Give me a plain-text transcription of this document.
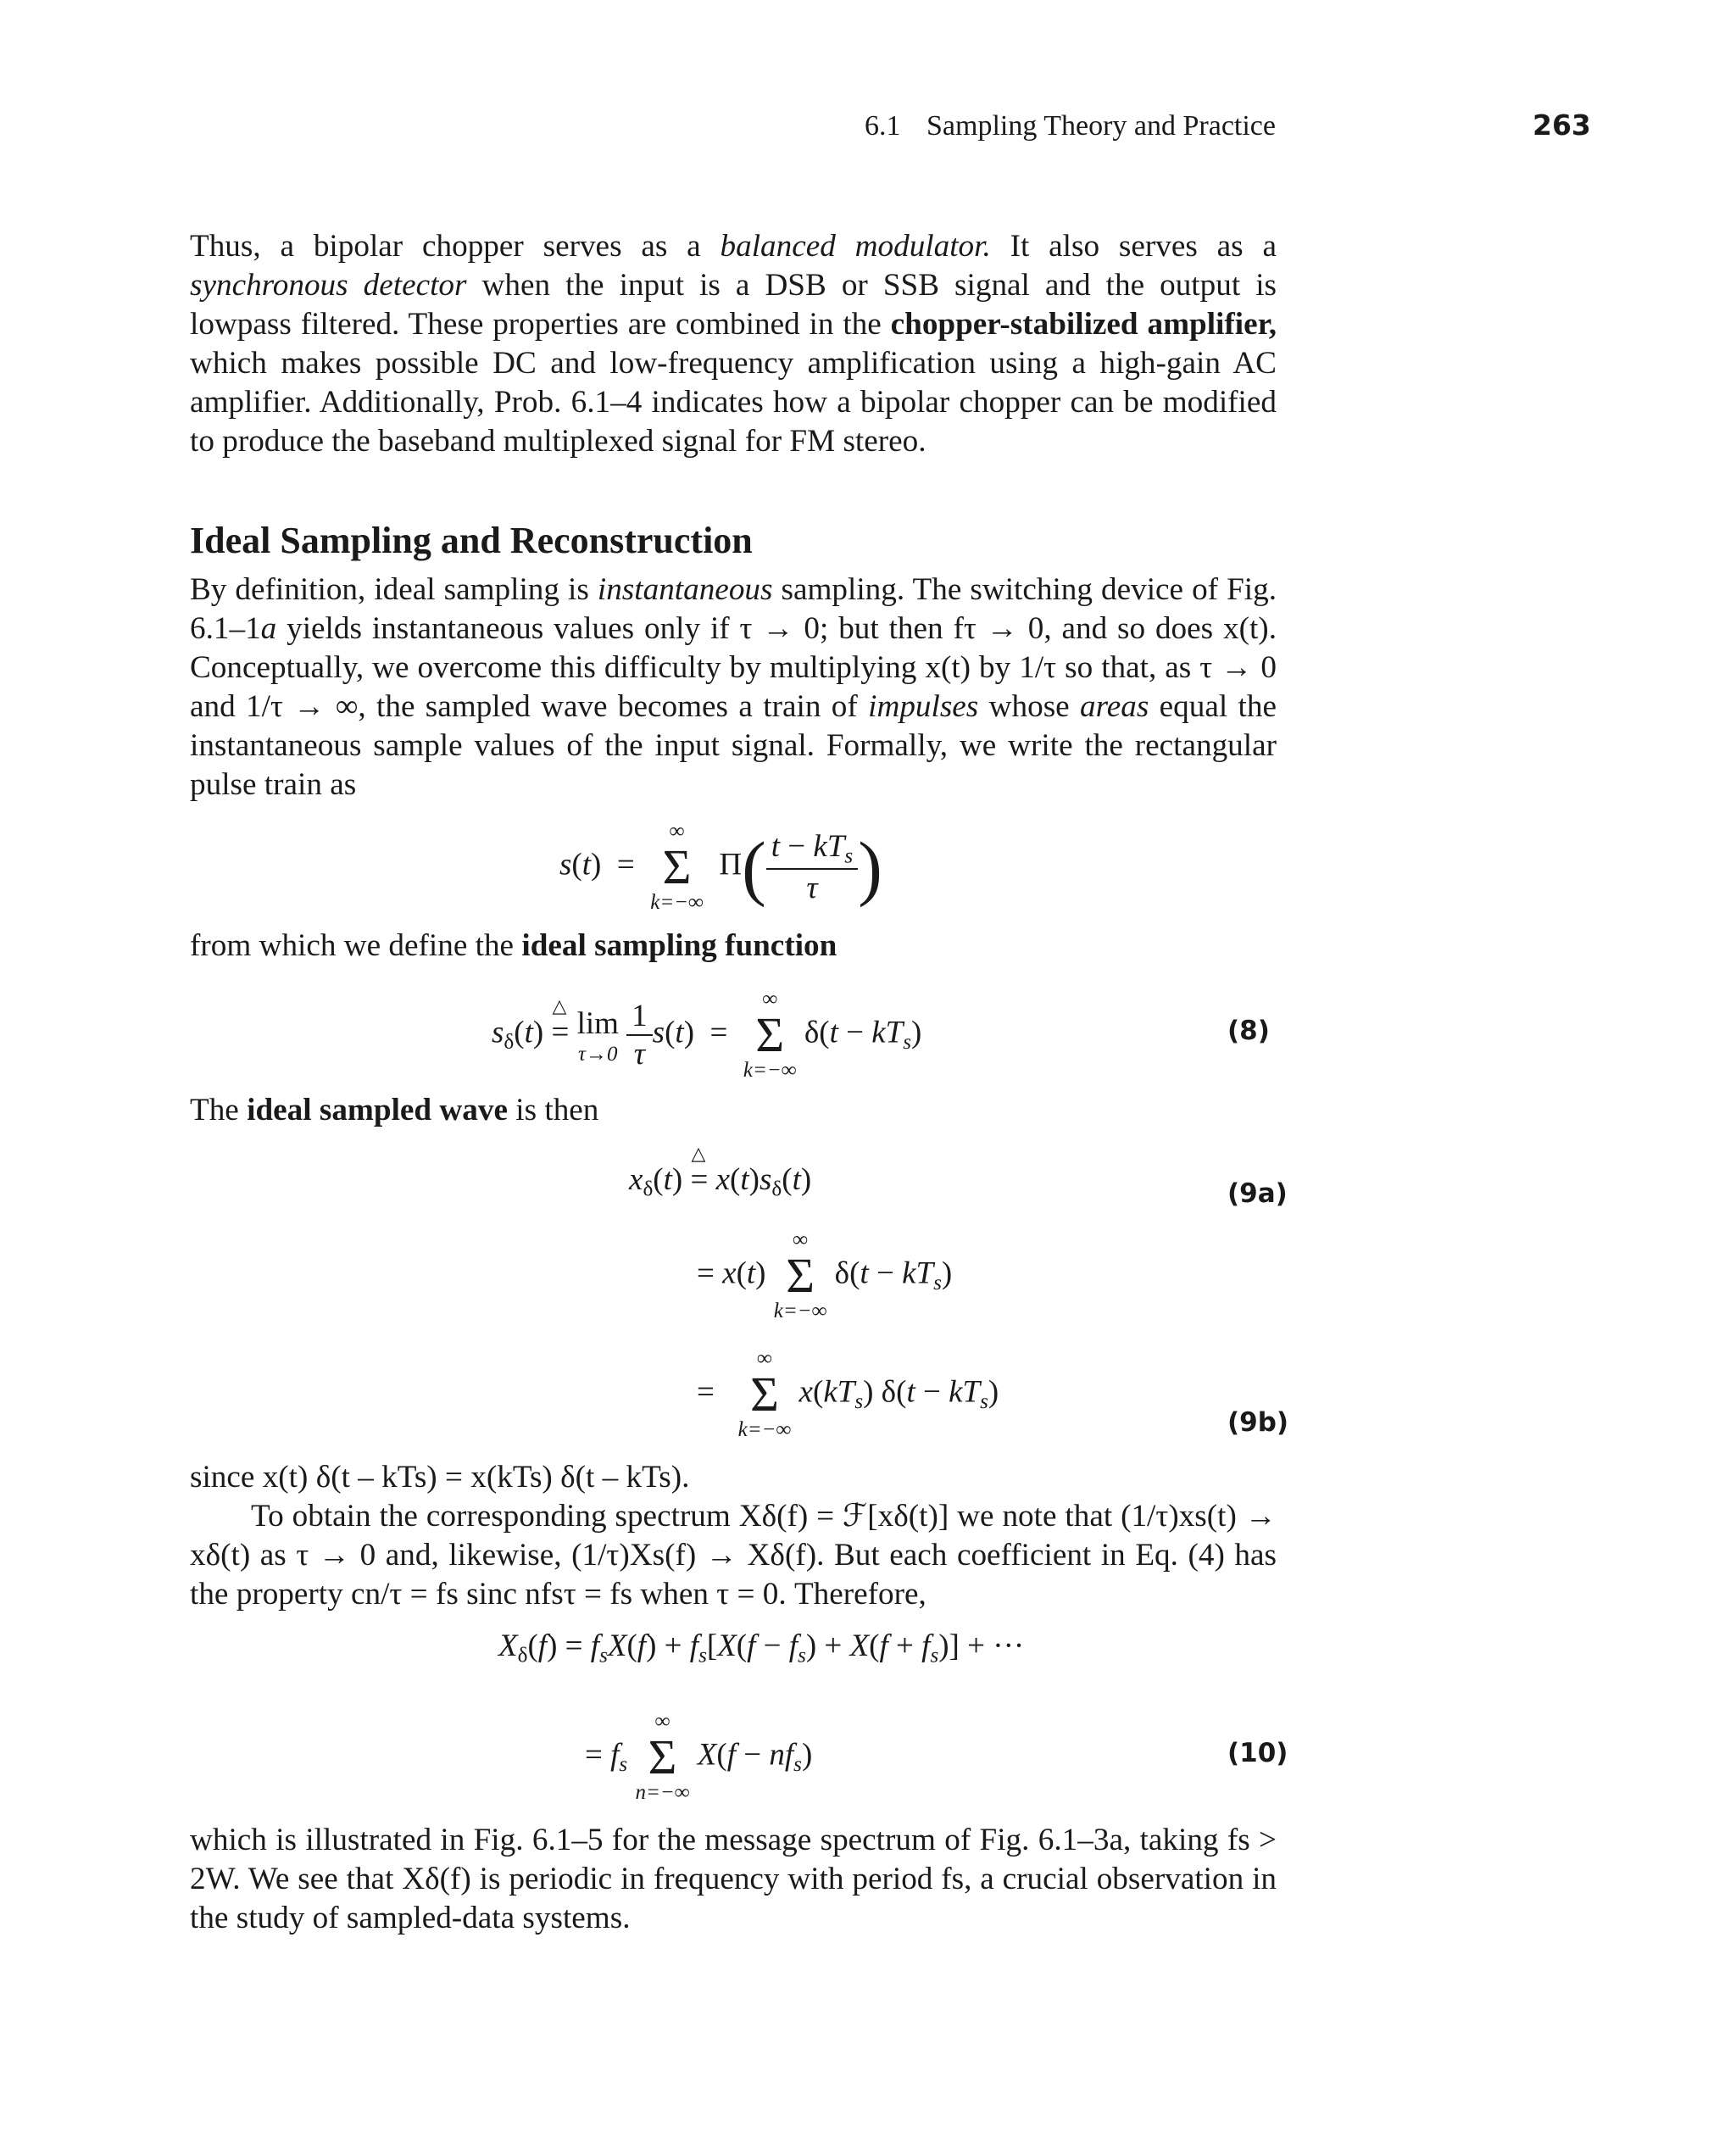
6.1 Sampling Theory and Practice	263

Thus, a bipolar chopper serves as a balanced modulator. It also serves as a synchronous detector when the input is a DSB or SSB signal and the output is lowpass filtered. These properties are combined in the chopper-stabilized amplifier, which makes possible DC and low-frequency amplification using a high-gain AC amplifier. Additionally, Prob. 6.1–4 indicates how a bipolar chopper can be modified to produce the baseband multiplexed signal for FM stereo.

Ideal Sampling and Reconstruction

By definition, ideal sampling is instantaneous sampling. The switching device of Fig. 6.1–1a yields instantaneous values only if τ → 0; but then fτ → 0, and so does x(t). Conceptually, we overcome this difficulty by multiplying x(t) by 1/τ so that, as τ → 0 and 1/τ → ∞, the sampled wave becomes a train of impulses whose areas equal the instantaneous sample values of the input signal. Formally, we write the rectangular pulse train as

s(t)  =
∞
Σ
k=−∞
$\Pi( \frac{t - kT_s}{\tau}$ )

from which we define the ideal sampling function

$s_\delta(t)$ =
△

lim
τ→0
$\frac{1}{\tau} s(t)$  =
∞
Σ
k=−∞
$\delta(t - kT_s)$	(8)

The ideal sampled wave is then

$x_\delta(t)$ =
△
$x(t)s_\delta(t)$	(9a)
= x(t)
∞
Σ
k=−∞
$\delta(t - kT_s)$
=
∞
Σ
k=−∞
$x(kT_s) \delta(t - kT_s)$
(9b)

since x(t) δ(t – kTs) = x(kTs) δ(t – kTs).

To obtain the corresponding spectrum Xδ(f) = ℱ[xδ(t)] we note that (1/τ)xs(t) → xδ(t) as τ → 0 and, likewise, (1/τ)Xs(f) → Xδ(f). But each coefficient in Eq. (4) has the property cn/τ = fs sinc nfsτ = fs when τ = 0. Therefore,

$X_\delta(f) = f_sX(f) + f_s[X(f - f_s) + X(f + f_s)]$ + ···
= $f_s$
∞
Σ
n=−∞
$X(f - nf_s)$	(10)

which is illustrated in Fig. 6.1–5 for the message spectrum of Fig. 6.1–3a, taking fs > 2W. We see that Xδ(f) is periodic in frequency with period fs, a crucial observation in the study of sampled-data systems.
